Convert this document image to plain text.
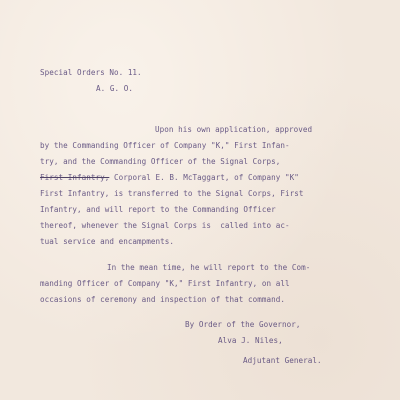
Special Orders No. 11.
A. G. O.
Upon his own application, approved
by the Commanding Officer of Company "K," First Infan-
try, and the Commanding Officer of the Signal Corps,
First Infantry, Corporal E. B. McTaggart, of Company "K"
First Infantry, is transferred to the Signal Corps, First
Infantry, and will report to the Commanding Officer
thereof, whenever the Signal Corps is  called into ac-
tual service and encampments.
In the mean time, he will report to the Com-
manding Officer of Company "K," First Infantry, on all
occasions of ceremony and inspection of that command.
By Order of the Governor,
Alva J. Niles,
Adjutant General.
